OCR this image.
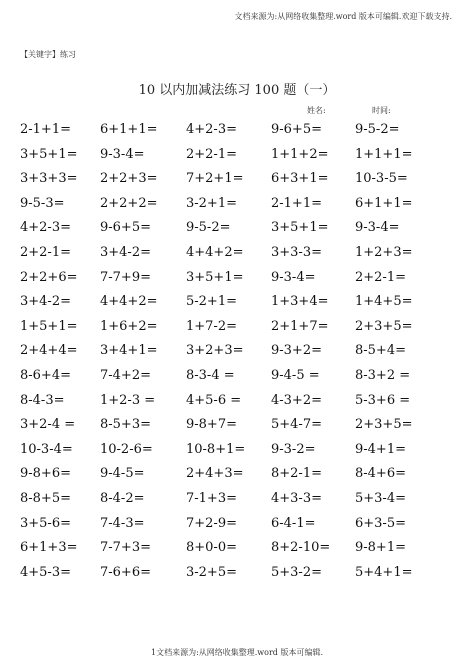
文档来源为:从网络收集整理.word 版本可编辑.欢迎下载支持.
【关键字】练习
10 以内加减法练习 100 题（一）
姓名:	时间:
2-1+1= 6+1+1= 4+2-3=	9-6+5=	9-5-2=
3+5+1= 9-3-4=	2+2-1=	1+1+2= 1+1+1=
3+3+3= 2+2+3= 7+2+1= 6+3+1= 10-3-5=
9-5-3=	2+2+2= 3-2+1=	2-1+1=	6+1+1=
4+2-3= 9-6+5=	9-5-2=	3+5+1= 9-3-4=
2+2-1= 3+4-2=	4+4+2= 3+3-3=	1+2+3=
2+2+6= 7-7+9=	3+5+1= 9-3-4=	2+2-1=
3+4-2= 4+4+2= 5-2+1=	1+3+4= 1+4+5=
1+5+1= 1+6+2= 1+7-2=	2+1+7= 2+3+5=
2+4+4= 3+4+1= 3+2+3= 9-3+2=	8-5+4=
8-6+4= 7-4+2=	8-3-4 =	9-4-5 =	8-3+2 =
8-4-3=	1+2-3 = 4+5-6 = 4-3+2=	5-3+6 =
3+2-4 = 8-5+3=	9-8+7=	5+4-7=	2+3+5=
10-3-4= 10-2-6=	10-8+1= 9-3-2=	9-4+1=
9-8+6= 9-4-5=	2+4+3= 8+2-1=	8-4+6=
8-8+5= 8-4-2=	7-1+3=	4+3-3=	5+3-4=
3+5-6= 7-4-3=	7+2-9=	6-4-1=	6+3-5=
6+1+3= 7-7+3=	8+0-0=	8+2-10= 9-8+1=
4+5-3= 7-6+6=	3-2+5=	5+3-2=	5+4+1=
1文档来源为:从网络收集整理.word 版本可编辑.
